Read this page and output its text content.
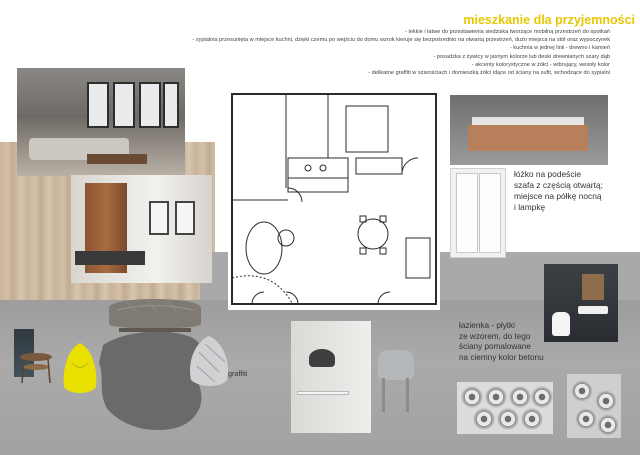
mieszkanie dla przyjemności
- lekkie i łatwe do przestawienia siedziska tworzące mobilną przestrzeń do spotkań
- sypialnia przesunięta w miejsce kuchni, dzięki czemu po wejściu do domu wzrok kieruje się bezpośrednio na otwartą przestrzeń, dużo miejsca na stół oraz wypoczynek
- kuchnia w jednej linii - drewno i kamień
- posadzka z żywicy w jasnym kolorze lub deski drewnianych szary dąb
- akcenty kolorystyczne w żółci - wibrujący, wesoły kolor
- delikatne graffiti w szarościach i domieszką żółci idące od ściany na sufit, wchodzące do sypialni
łóżko na podeście
szafa z częścią otwartą;
miejsce na półkę nocną
i lampkę
łazienka - płytki
ze wzorem, do tego
ściany pomalowane
na ciemny kolor betonu
graffiti
